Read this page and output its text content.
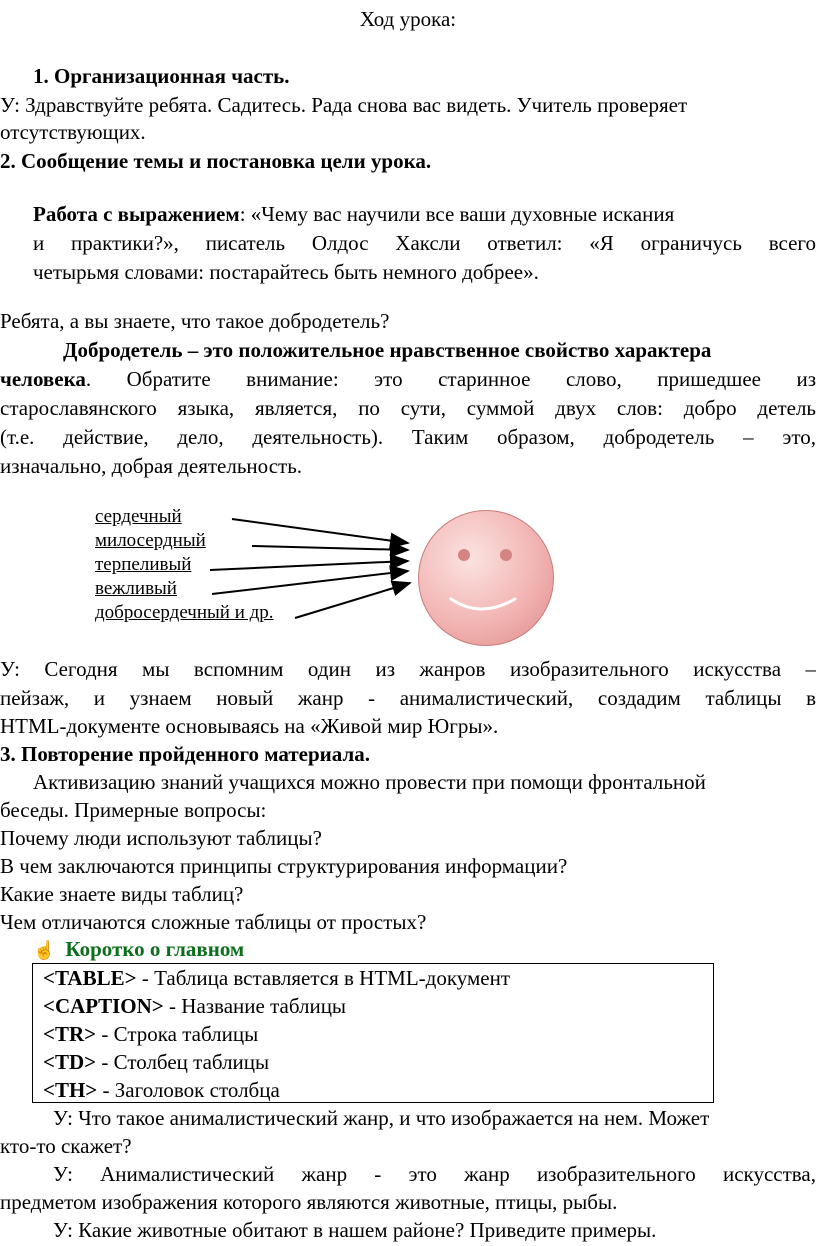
Ход урока:
1. Организационная часть.
У: Здравствуйте ребята. Садитесь. Рада снова вас видеть. Учитель проверяет
отсутствующих.
2. Сообщение темы и постановка цели урока.
Работа с выражением: «Чему вас научили все ваши духовные искания
и практики?», писатель Олдос Хаксли ответил: «Я ограничусь всего
четырьмя словами: постарайтесь быть немного добрее».
Ребята, а вы знаете, что такое добродетель?
Добродетель – это положительное нравственное свойство характера
человека. Обратите внимание: это старинное слово, пришедшее из
старославянского языка, является, по сути, суммой двух слов: добро детель
(т.е. действие, дело, деятельность). Таким образом, добродетель – это,
изначально, добрая деятельность.
сердечный
милосердный
терпеливый
вежливый
добросердечный и др.
У: Сегодня мы вспомним один из жанров изобразительного искусства –
пейзаж, и узнаем новый жанр - анималистический, создадим таблицы в
HTML-документе основываясь на «Живой мир Югры».
3. Повторение пройденного материала.
Активизацию знаний учащихся можно провести при помощи фронтальной
беседы. Примерные вопросы:
Почему люди используют таблицы?
В чем заключаются принципы структурирования информации?
Какие знаете виды таблиц?
Чем отличаются сложные таблицы от простых?
☝ Коротко о главном
<TABLE> - Таблица вставляется в HTML-документ
<CAPTION> - Название таблицы
<TR> - Строка таблицы
<TD> - Столбец таблицы
<TH> - Заголовок столбца
У: Что такое анималистический жанр, и что изображается на нем. Может
кто-то скажет?
У: Анималистический жанр - это жанр изобразительного искусства,
предметом изображения которого являются животные, птицы, рыбы.
У: Какие животные обитают в нашем районе? Приведите примеры.
